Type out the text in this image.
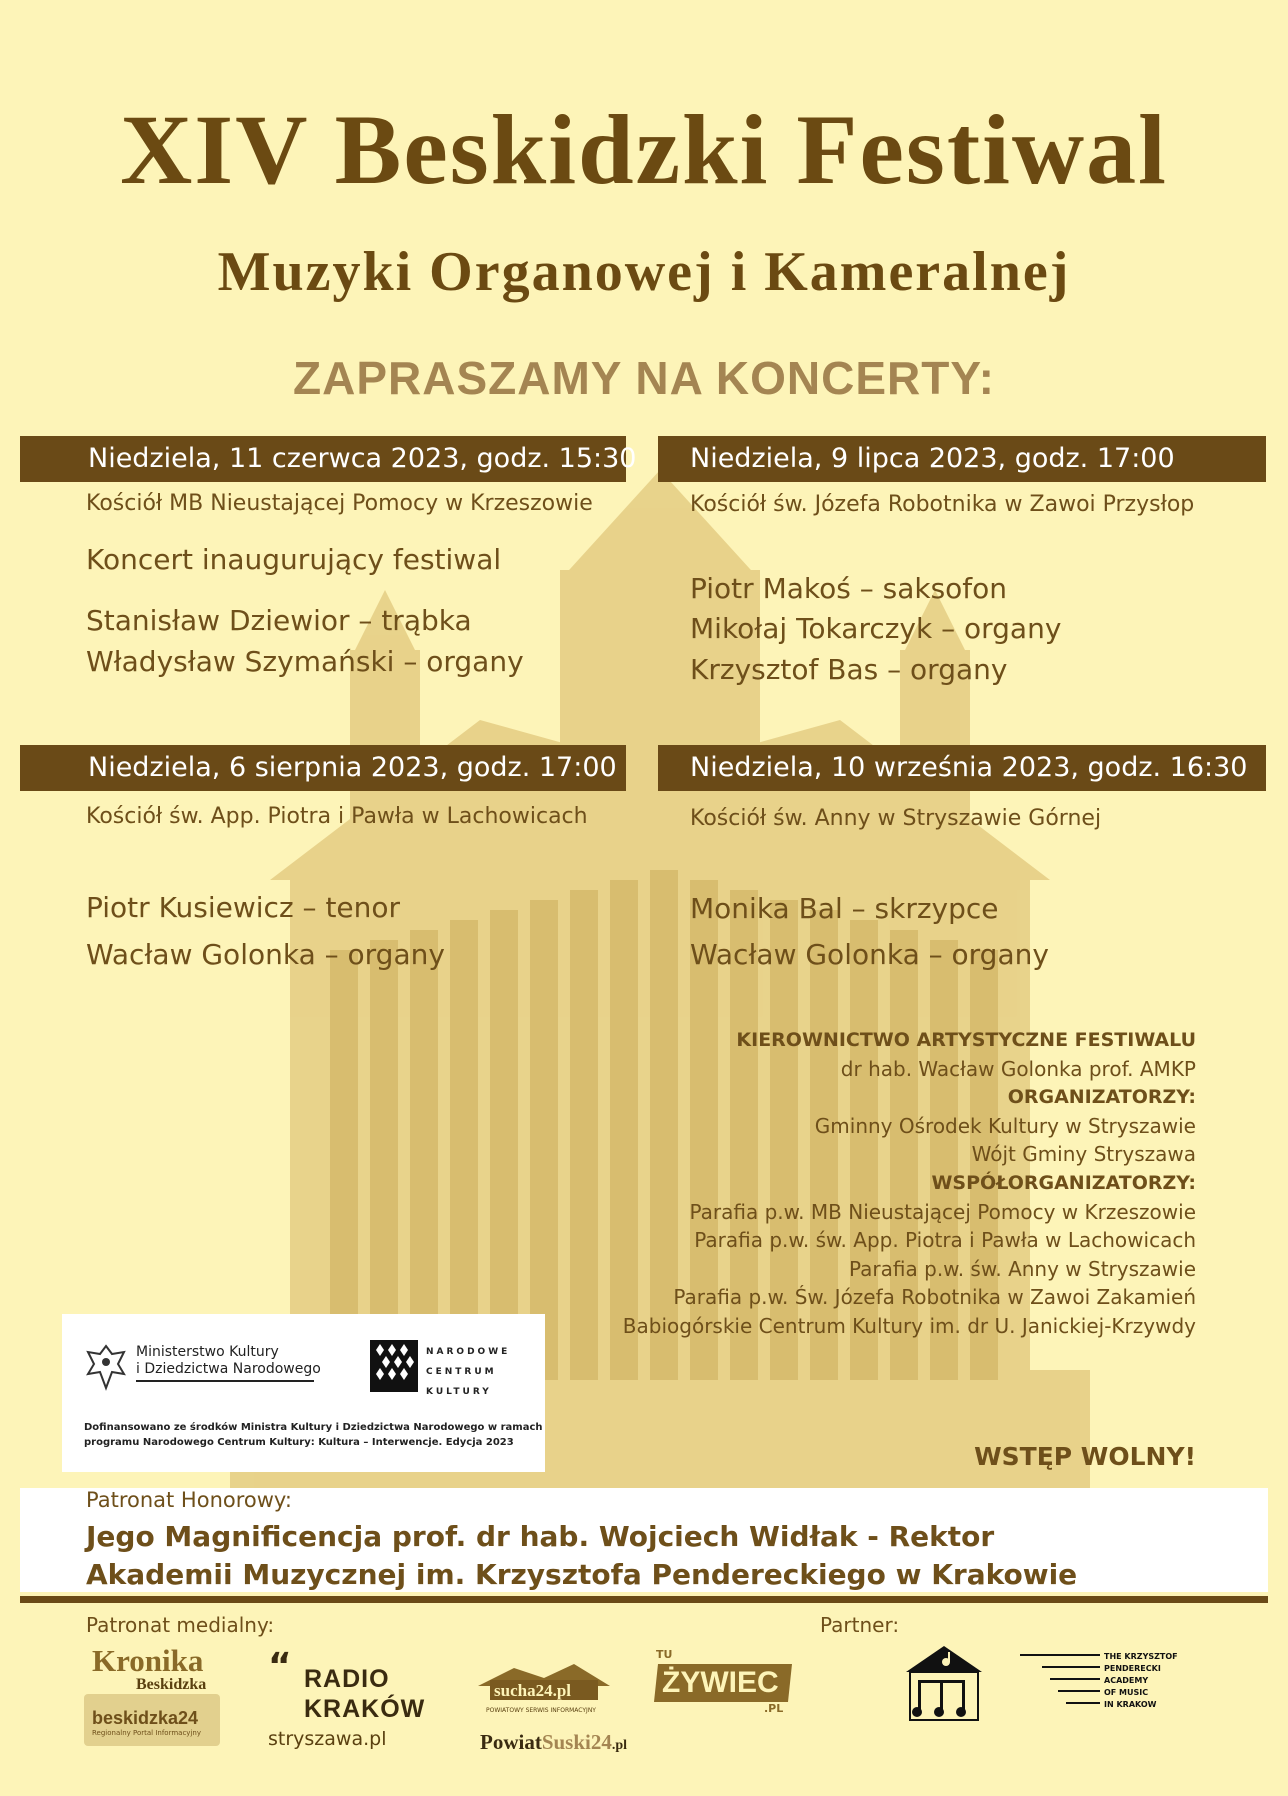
XIV Beskidzki Festiwal
Muzyki Organowej i Kameralnej
ZAPRASZAMY NA KONCERTY:
Niedziela, 11 czerwca 2023, godz. 15:30
Kościół MB Nieustającej Pomocy w Krzeszowie
Koncert inaugurujący festiwal
Stanisław Dziewior – trąbka
Władysław Szymański – organy
Niedziela, 9 lipca 2023, godz. 17:00
Kościół św. Józefa Robotnika w Zawoi Przysłop
Piotr Makoś – saksofon
Mikołaj Tokarczyk – organy
Krzysztof Bas – organy
Niedziela, 6 sierpnia 2023, godz. 17:00
Kościół św. App. Piotra i Pawła w Lachowicach
Piotr Kusiewicz – tenor
Wacław Golonka – organy
Niedziela, 10 września 2023, godz. 16:30
Kościół św. Anny w Stryszawie Górnej
Monika Bal – skrzypce
Wacław Golonka – organy
KIEROWNICTWO ARTYSTYCZNE FESTIWALU
dr hab. Wacław Golonka prof. AMKP
ORGANIZATORZY:
Gminny Ośrodek Kultury w Stryszawie
Wójt Gminy Stryszawa
WSPÓŁORGANIZATORZY:
Parafia p.w. MB Nieustającej Pomocy w Krzeszowie
Parafia p.w. św. App. Piotra i Pawła w Lachowicach
Parafia p.w. św. Anny w Stryszawie
Parafia p.w. Św. Józefa Robotnika w Zawoi Zakamień
Babiogórskie Centrum Kultury im. dr U. Janickiej-Krzywdy
Ministerstwo Kultury
i Dziedzictwa Narodowego
NARODOWE
CENTRUM
KULTURY
Dofinansowano ze środków Ministra Kultury i Dziedzictwa Narodowego w ramach
programu Narodowego Centrum Kultury: Kultura – Interwencje. Edycja 2023	WSTĘP WOLNY!
Patronat Honorowy:
Jego Magnificencja prof. dr hab. Wojciech Widłak - Rektor
Akademii Muzycznej im. Krzysztofa Pendereckiego w Krakowie
Patronat medialny:	Partner:
Kronika
Beskidzka
beskidzka24
Regionalny Portal Informacyjny
“ RADIO
KRAKÓW
stryszawa.pl
sucha24.pl
POWIATOWY SERWIS INFORMACYJNY
PowiatSuski24.pl
TU
ŻYWIEC
.PL
THE KRZYSZTOF
PENDERECKI
ACADEMY
OF MUSIC
IN KRAKOW
